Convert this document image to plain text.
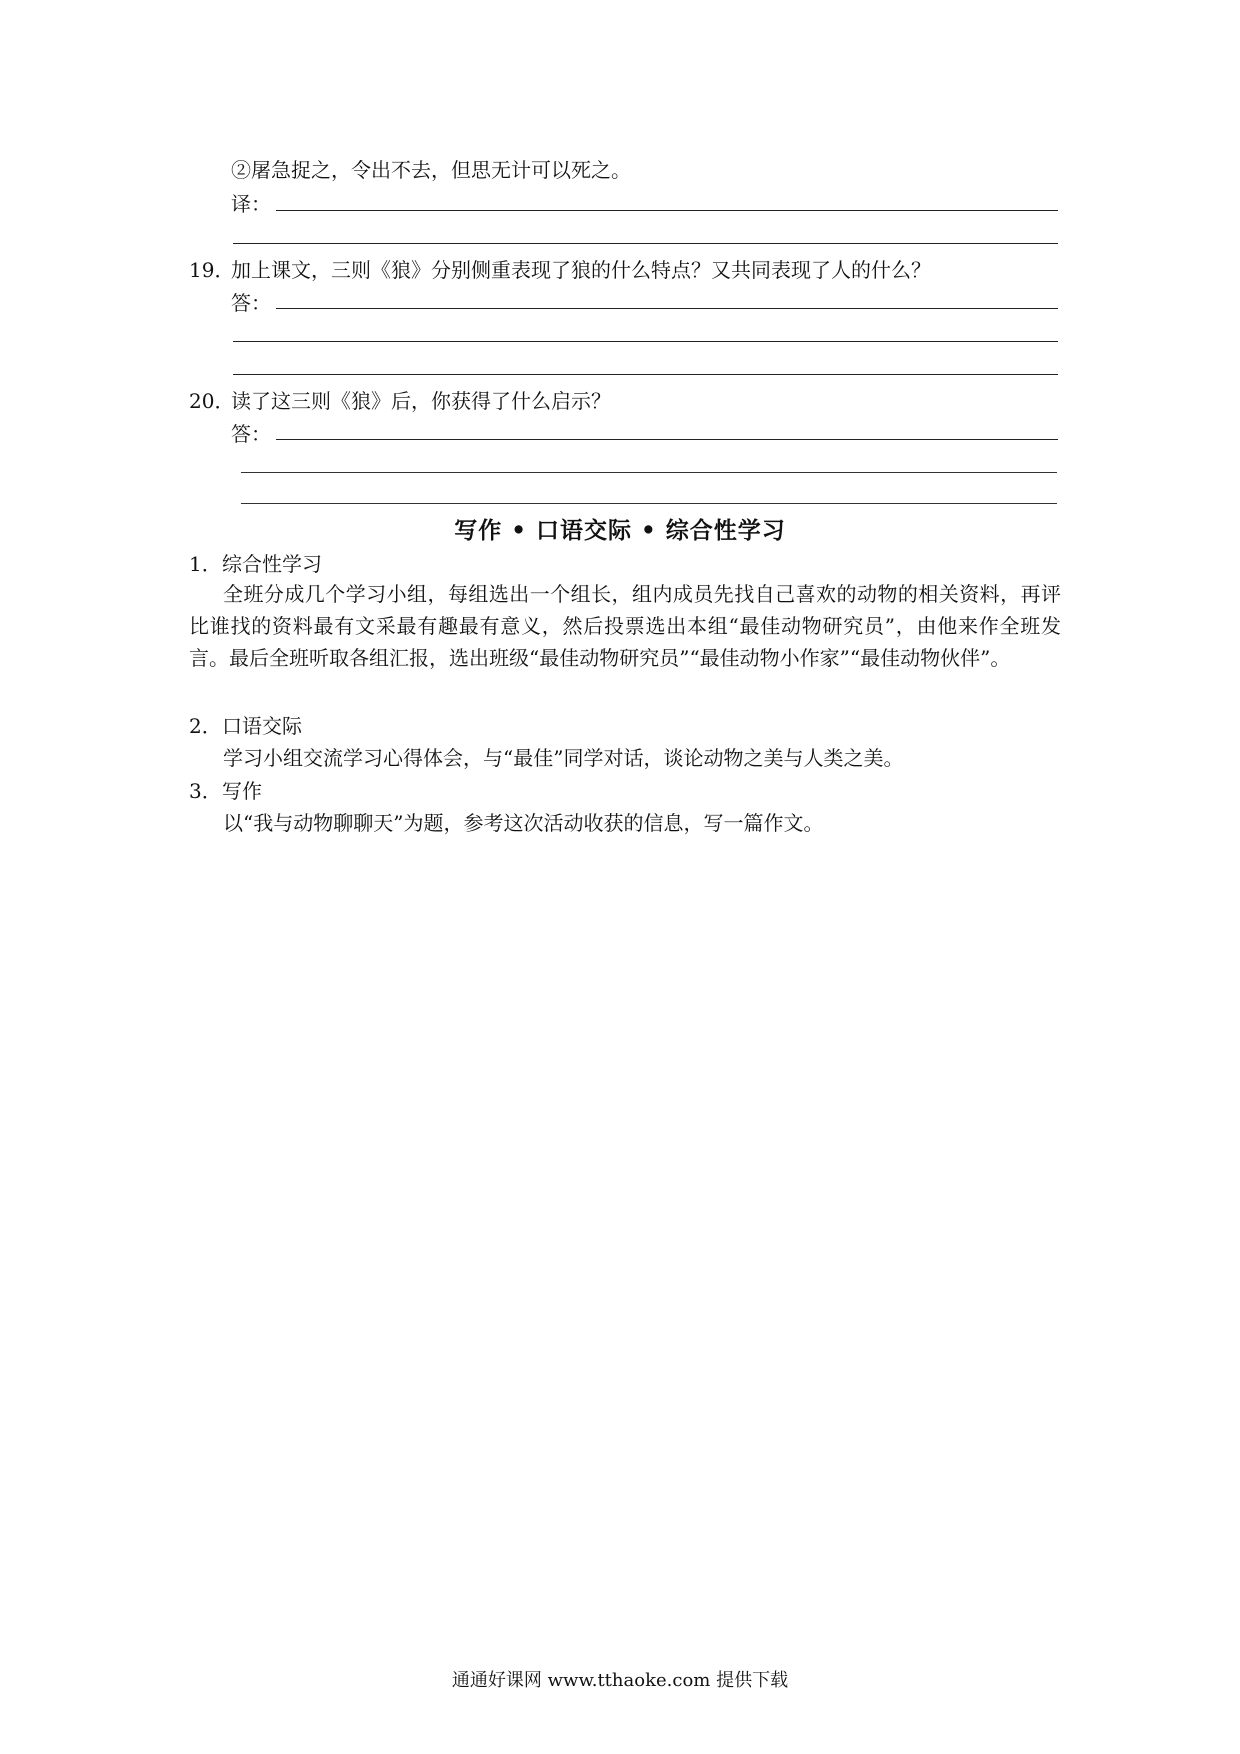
②屠急捉之，令出不去，但思无计可以死之。
译：
19．
加上课文，三则《狼》分别侧重表现了狼的什么特点？又共同表现了人的什么？
答：
20．
读了这三则《狼》后，你获得了什么启示？
答：
写作 • 口语交际 • 综合性学习
1． 综合性学习
全班分成几个学习小组，每组选出一个组长，组内成员先找自己喜欢的动物的相关资料，再评比谁找的资料最有文采最有趣最有意义，然后投票选出本组“最佳动物研究员”，由他来作全班发言。最后全班听取各组汇报，选出班级“最佳动物研究员”“最佳动物小作家”“最佳动物伙伴”。
2． 口语交际
学习小组交流学习心得体会，与“最佳”同学对话，谈论动物之美与人类之美。
3． 写作
以“我与动物聊聊天”为题，参考这次活动收获的信息，写一篇作文。
通通好课网 www.tthaoke.com 提供下载
